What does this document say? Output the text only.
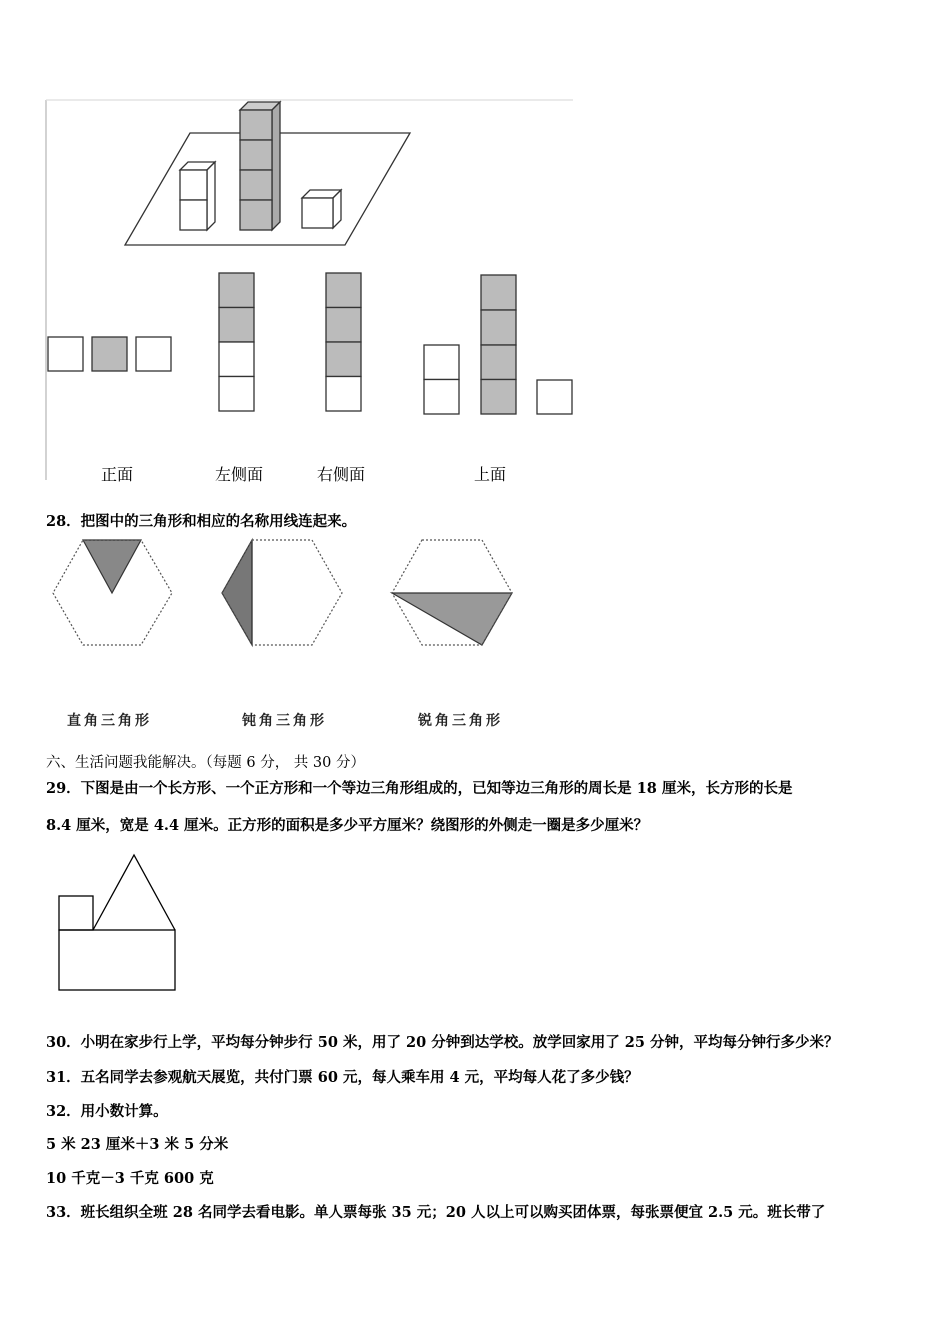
正面	左侧面	右侧面	上面
28．把图中的三角形和相应的名称用线连起来。
直角三角形	钝角三角形	锐角三角形
六、生活问题我能解决。（每题 6 分， 共 30 分）
29．下图是由一个长方形、一个正方形和一个等边三角形组成的，已知等边三角形的周长是 18 厘米，长方形的长是
8.4 厘米，宽是 4.4 厘米。正方形的面积是多少平方厘米？绕图形的外侧走一圈是多少厘米？
30．小明在家步行上学，平均每分钟步行 50 米，用了 20 分钟到达学校。放学回家用了 25 分钟，平均每分钟行多少米？
31．五名同学去参观航天展览，共付门票 60 元，每人乘车用 4 元，平均每人花了多少钱？
32．用小数计算。
5 米 23 厘米＋3 米 5 分米
10 千克－3 千克 600 克
33．班长组织全班 28 名同学去看电影。单人票每张 35 元；20 人以上可以购买团体票，每张票便宜 2.5 元。班长带了
